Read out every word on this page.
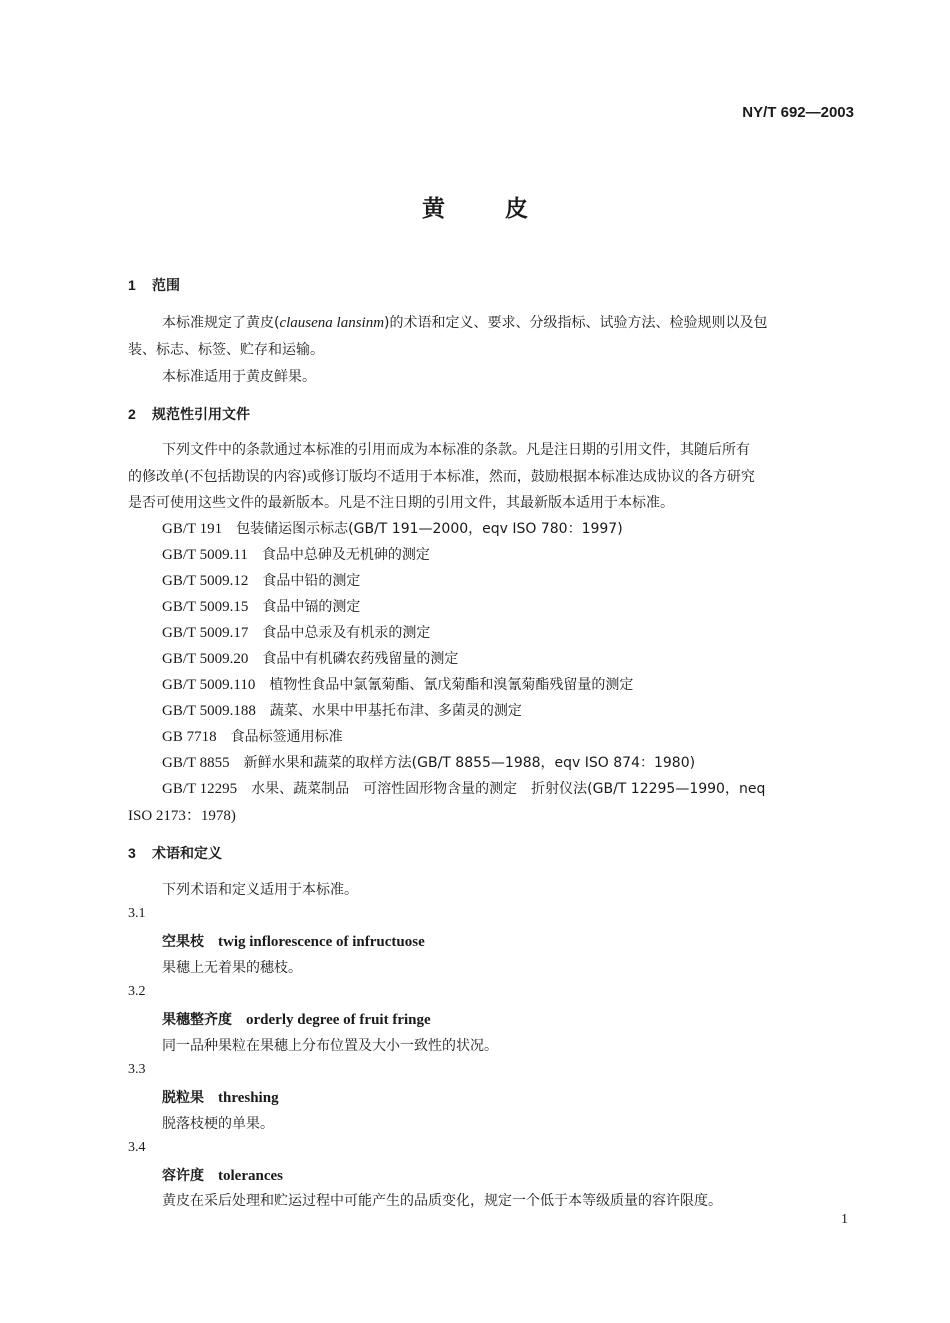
NY/T 692—2003
黄皮
1 范围
本标准规定了黄皮(clausena lansinm)的术语和定义、要求、分级指标、试验方法、检验规则以及包
装、标志、标签、贮存和运输。
本标准适用于黄皮鲜果。
2 规范性引用文件
下列文件中的条款通过本标准的引用而成为本标准的条款。凡是注日期的引用文件，其随后所有
的修改单(不包括勘误的内容)或修订版均不适用于本标准，然而，鼓励根据本标准达成协议的各方研究
是否可使用这些文件的最新版本。凡是不注日期的引用文件，其最新版本适用于本标准。
GB/T 191 包装储运图示标志(GB/T 191—2000，eqv ISO 780：1997)
GB/T 5009.11 食品中总砷及无机砷的测定
GB/T 5009.12 食品中铅的测定
GB/T 5009.15 食品中镉的测定
GB/T 5009.17 食品中总汞及有机汞的测定
GB/T 5009.20 食品中有机磷农药残留量的测定
GB/T 5009.110 植物性食品中氯氰菊酯、氰戊菊酯和溴氰菊酯残留量的测定
GB/T 5009.188 蔬菜、水果中甲基托布津、多菌灵的测定
GB 7718 食品标签通用标准
GB/T 8855 新鲜水果和蔬菜的取样方法(GB/T 8855—1988，eqv ISO 874：1980)
GB/T 12295 水果、蔬菜制品　可溶性固形物含量的测定　折射仪法(GB/T 12295—1990，neq
ISO 2173：1978)
3 术语和定义
下列术语和定义适用于本标准。
3.1
空果枝 twig inflorescence of infructuose
果穗上无着果的穗枝。
3.2
果穗整齐度 orderly degree of fruit fringe
同一品种果粒在果穗上分布位置及大小一致性的状况。
3.3
脱粒果 threshing
脱落枝梗的单果。
3.4
容许度 tolerances
黄皮在采后处理和贮运过程中可能产生的品质变化，规定一个低于本等级质量的容许限度。
1
